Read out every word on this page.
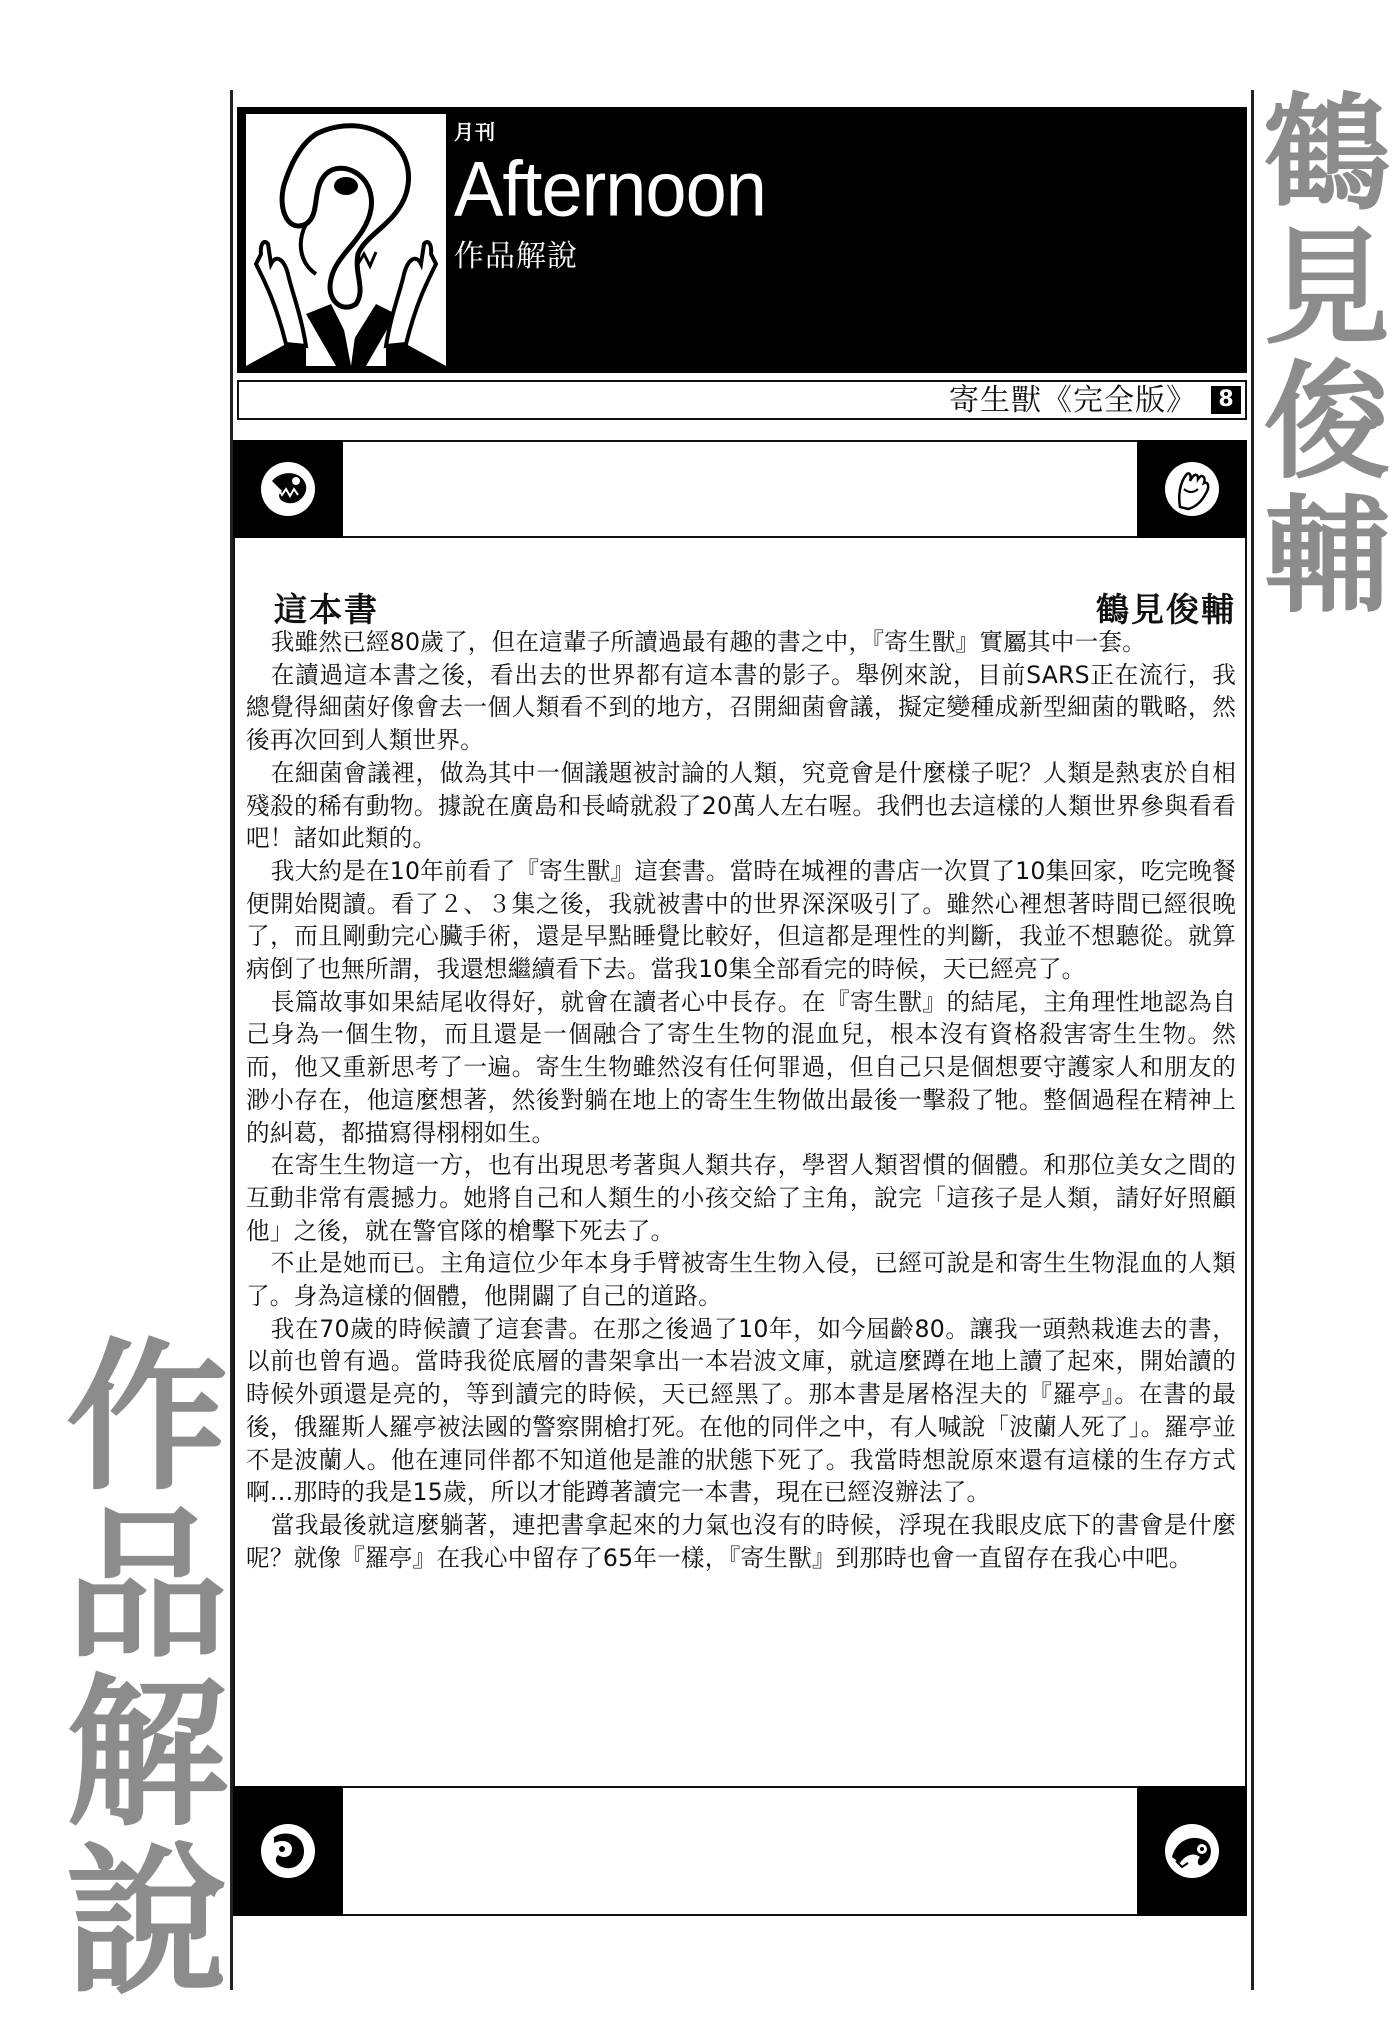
鶴
見
俊
輔
作
品
解
說
月刊
Afternoon
作品解說
寄生獸《完全版》 8
這本書	鶴見俊輔

我雖然已經80歲了，但在這輩子所讀過最有趣的書之中，『寄生獸』實屬其中一套。

在讀過這本書之後，看出去的世界都有這本書的影子。舉例來說，目前SARS正在流行，我總覺得細菌好像會去一個人類看不到的地方，召開細菌會議，擬定變種成新型細菌的戰略，然後再次回到人類世界。

在細菌會議裡，做為其中一個議題被討論的人類，究竟會是什麼樣子呢？人類是熱衷於自相殘殺的稀有動物。據說在廣島和長崎就殺了20萬人左右喔。我們也去這樣的人類世界參與看看吧！諸如此類的。

我大約是在10年前看了『寄生獸』這套書。當時在城裡的書店一次買了10集回家，吃完晚餐便開始閱讀。看了２、３集之後，我就被書中的世界深深吸引了。雖然心裡想著時間已經很晚了，而且剛動完心臟手術，還是早點睡覺比較好，但這都是理性的判斷，我並不想聽從。就算病倒了也無所謂，我還想繼續看下去。當我10集全部看完的時候，天已經亮了。

長篇故事如果結尾收得好，就會在讀者心中長存。在『寄生獸』的結尾，主角理性地認為自己身為一個生物，而且還是一個融合了寄生生物的混血兒，根本沒有資格殺害寄生生物。然而，他又重新思考了一遍。寄生生物雖然沒有任何罪過，但自己只是個想要守護家人和朋友的渺小存在，他這麼想著，然後對躺在地上的寄生生物做出最後一擊殺了牠。整個過程在精神上的糾葛，都描寫得栩栩如生。

在寄生生物這一方，也有出現思考著與人類共存，學習人類習慣的個體。和那位美女之間的互動非常有震撼力。她將自己和人類生的小孩交給了主角，說完「這孩子是人類，請好好照顧他」之後，就在警官隊的槍擊下死去了。

不止是她而已。主角這位少年本身手臂被寄生生物入侵，已經可說是和寄生生物混血的人類了。身為這樣的個體，他開闢了自己的道路。

我在70歲的時候讀了這套書。在那之後過了10年，如今屆齡80。讓我一頭熱栽進去的書，以前也曾有過。當時我從底層的書架拿出一本岩波文庫，就這麼蹲在地上讀了起來，開始讀的時候外頭還是亮的，等到讀完的時候，天已經黑了。那本書是屠格涅夫的『羅亭』。在書的最後，俄羅斯人羅亭被法國的警察開槍打死。在他的同伴之中，有人喊說「波蘭人死了」。羅亭並不是波蘭人。他在連同伴都不知道他是誰的狀態下死了。我當時想說原來還有這樣的生存方式啊…那時的我是15歲，所以才能蹲著讀完一本書，現在已經沒辦法了。

當我最後就這麼躺著，連把書拿起來的力氣也沒有的時候，浮現在我眼皮底下的書會是什麼呢？就像『羅亭』在我心中留存了65年一樣，『寄生獸』到那時也會一直留存在我心中吧。
